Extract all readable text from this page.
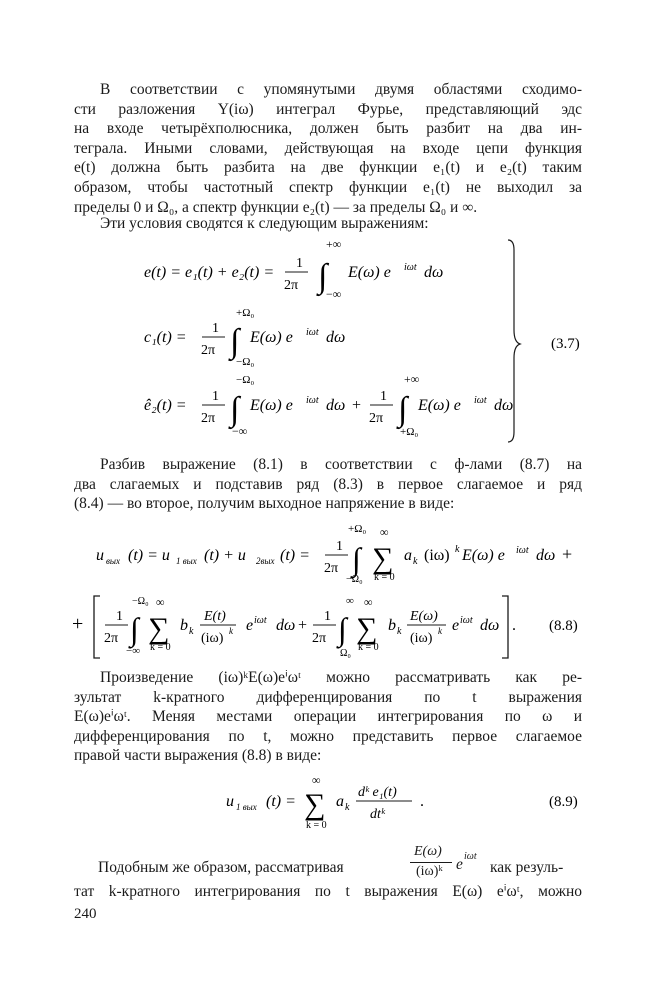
В соответствии с упомянутыми двумя областями сходимо-
сти разложения Y(iω) интеграл Фурье, представляющий эдс
на входе четырёхполюсника, должен быть разбит на два ин-
теграла. Иными словами, действующая на входе цепи функция
e(t) должна быть разбита на две функции e₁(t) и e₂(t) таким
образом, чтобы частотный спектр функции e₁(t) не выходил за
пределы 0 и Ω₀, а спектр функции e₂(t) — за пределы Ω₀ и ∞.
Эти условия сводятся к следующим выражениям:
e(t) = e₁(t) + e₂(t) =
1
2π ∫
+∞
−∞
E(ω) e iωt dω
c₁(t) =
1
2π ∫
+Ω₀
−Ω₀
E(ω) e iωt dω
ê₂(t) =
1
2π ∫
−Ω₀
−∞
E(ω) e iωt dω +
1
2π ∫
+∞
+Ω₀
E(ω) e iωt dω
(3.7)
Разбив выражение (8.1) в соответствии с ф-лами (8.7) на
два слагаемых и подставив ряд (8.3) в первое слагаемое и ряд
(8.4) — во второе, получим выходное напряжение в виде:
u вых (t) = u 1 вых (t) + u 2вых (t) =
1
2π ∫
+Ω₀
−Ω₀
∑
∞
k = 0
a k (iω) k E(ω) e iωt dω +
+ 1
2π ∫
−Ω₀
−∞
∑
∞
k = 0
b k
E(t)
(iω) k e iωt dω +
1
2π ∫
∞
Ω₀
∑
∞
k = 0
b k
E(ω)
(iω) k e iωt dω . (8.8)
Произведение (iω)ᵏE(ω)eⁱωᵗ можно рассматривать как ре-
зультат k-кратного дифференцирования по t выражения
E(ω)eⁱωᵗ. Меняя местами операции интегрирования по ω и
дифференцирования по t, можно представить первое слагаемое
правой части выражения (8.8) в виде:
u 1 вых (t) = ∑
∞
k = 0
a k
dᵏ e₁(t)
dtᵏ
.	(8.9)
Подобным же образом, рассматривая
E(ω)
(iω)ᵏ e iωt
как резуль-
тат k-кратного интегрирования по t выражения E(ω) eⁱωᵗ, можно
240
